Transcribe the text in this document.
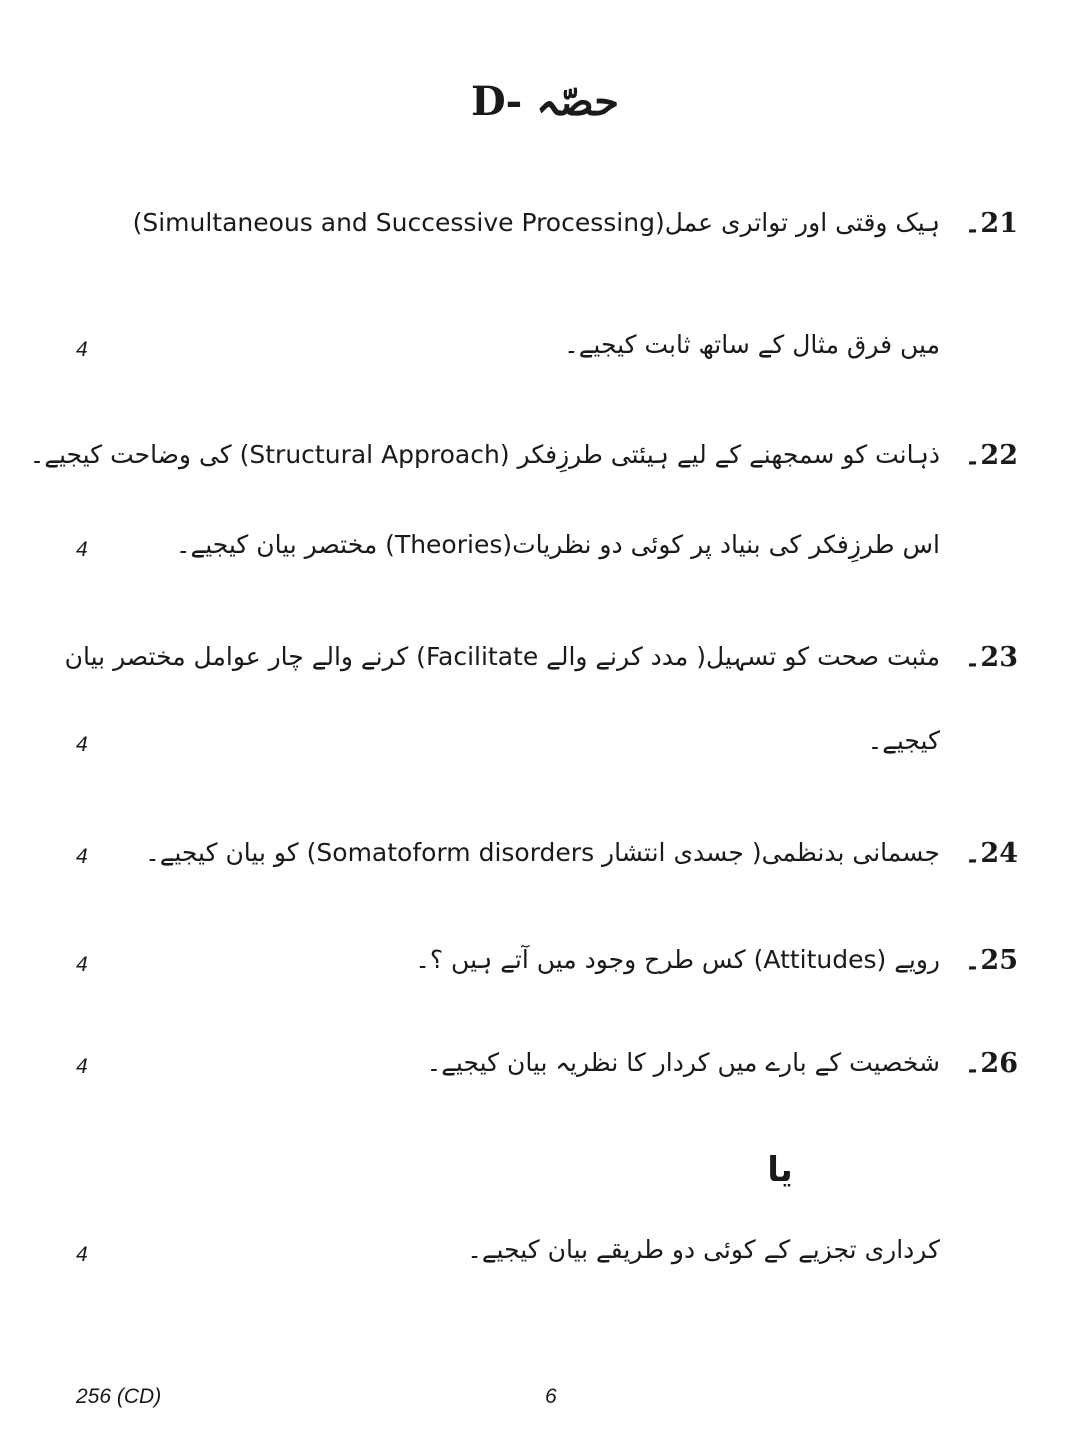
حصّہ -D
21۔
ہیک وقتی اور تواتری عمل(Simultaneous and Successive Processing)
میں فرق مثال کے ساتھ ثابت کیجیے۔
4
22۔
ذہانت کو سمجھنے کے لیے ہیئتی طرزِفکر (Structural Approach) کی وضاحت کیجیے۔
اس طرزِفکر کی بنیاد پر کوئی دو نظریات(Theories) مختصر بیان کیجیے۔
4
23۔
مثبت صحت کو تسہیل( مدد کرنے والے Facilitate) کرنے والے چار عوامل مختصر بیان
کیجیے۔
4
24۔
جسمانی بدنظمی( جسدی انتشار Somatoform disorders) کو بیان کیجیے۔
4
25۔
رویے (Attitudes) کس طرح وجود میں آتے ہیں ؟۔
4
26۔
شخصیت کے بارے میں کردار کا نظریہ بیان کیجیے۔
4
یا
کرداری تجزیے کے کوئی دو طریقے بیان کیجیے۔
4
256 (CD)	6
